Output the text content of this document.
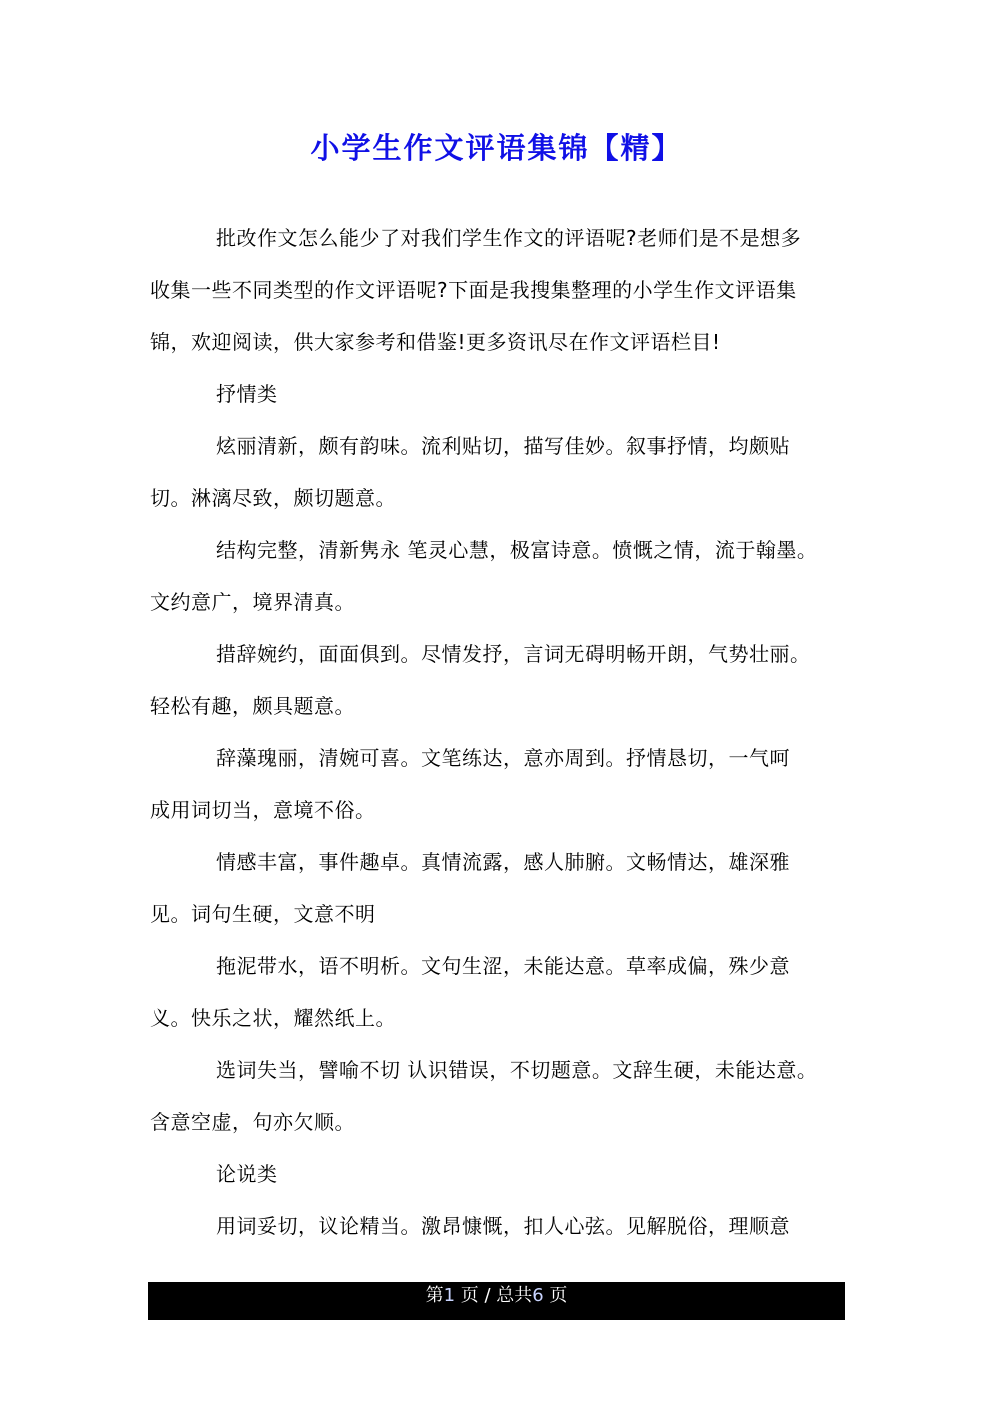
小学生作文评语集锦【精】
批改作文怎么能少了对我们学生作文的评语呢?老师们是不是想多
收集一些不同类型的作文评语呢?下面是我搜集整理的小学生作文评语集
锦，欢迎阅读，供大家参考和借鉴!更多资讯尽在作文评语栏目!
抒情类
炫丽清新，颇有韵味。流利贴切，描写佳妙。叙事抒情，均颇贴
切。淋漓尽致，颇切题意。
结构完整，清新隽永 笔灵心慧，极富诗意。愤慨之情，流于翰墨。
文约意广，境界清真。
措辞婉约，面面俱到。尽情发抒，言词无碍明畅开朗，气势壮丽。
轻松有趣，颇具题意。
辞藻瑰丽，清婉可喜。文笔练达，意亦周到。抒情恳切，一气呵
成用词切当，意境不俗。
情感丰富，事件趣卓。真情流露，感人肺腑。文畅情达，雄深雅
见。词句生硬，文意不明
拖泥带水，语不明析。文句生涩，未能达意。草率成偏，殊少意
义。快乐之状，耀然纸上。
选词失当，譬喻不切 认识错误，不切题意。文辞生硬，未能达意。
含意空虚，句亦欠顺。
论说类
用词妥切，议论精当。激昂慷慨，扣人心弦。见解脱俗，理顺意
第1 页 / 总共6 页
